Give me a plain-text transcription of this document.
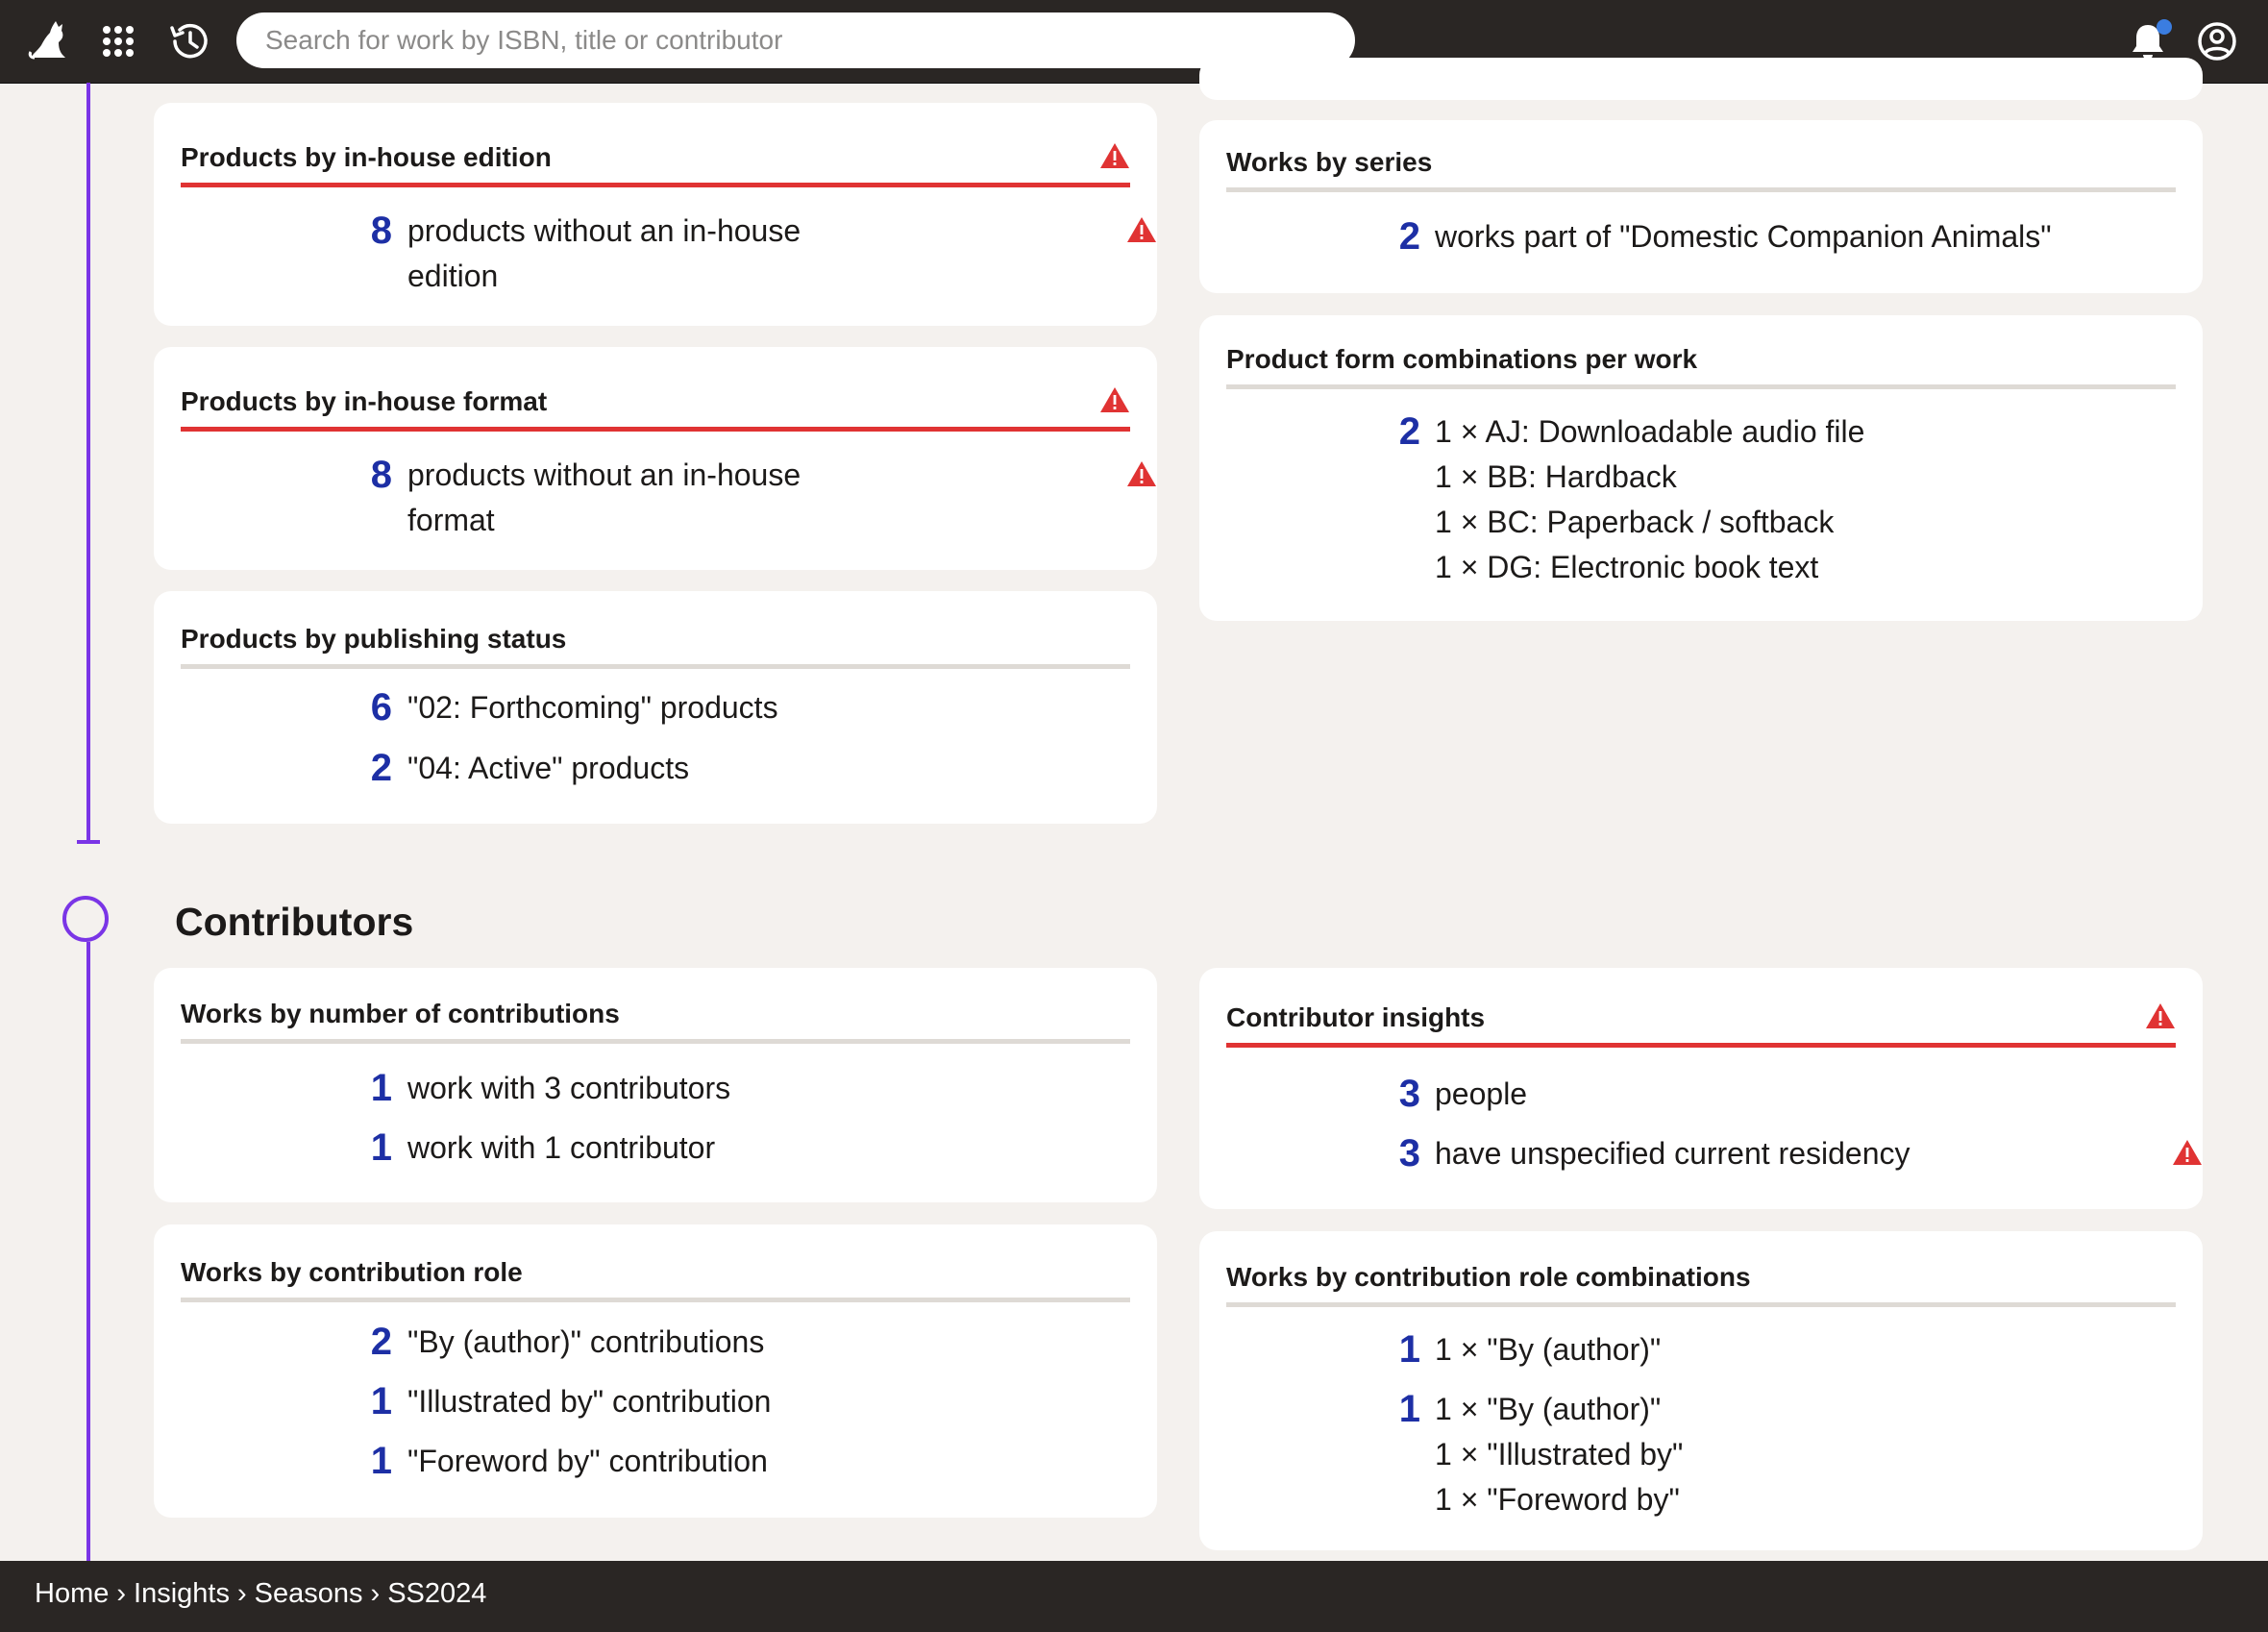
Search for work by ISBN, title or contributor
Contributors
Products by in-house edition
8 products without an in-house
edition
Products by in-house format
8 products without an in-house
format
Products by publishing status
6 "02: Forthcoming" products
2 "04: Active" products
Works by series
2 works part of "Domestic Companion Animals"
Product form combinations per work
2 1 × AJ: Downloadable audio file
1 × BB: Hardback
1 × BC: Paperback / softback
1 × DG: Electronic book text
Works by number of contributions
1 work with 3 contributors
1 work with 1 contributor
Works by contribution role
2 "By (author)" contributions
1 "Illustrated by" contribution
1 "Foreword by" contribution
Contributor insights
3 people
3 have unspecified current residency
Works by contribution role combinations
1 1 × "By (author)"
1 1 × "By (author)"
1 × "Illustrated by"
1 × "Foreword by"
Home › Insights › Seasons › SS2024
